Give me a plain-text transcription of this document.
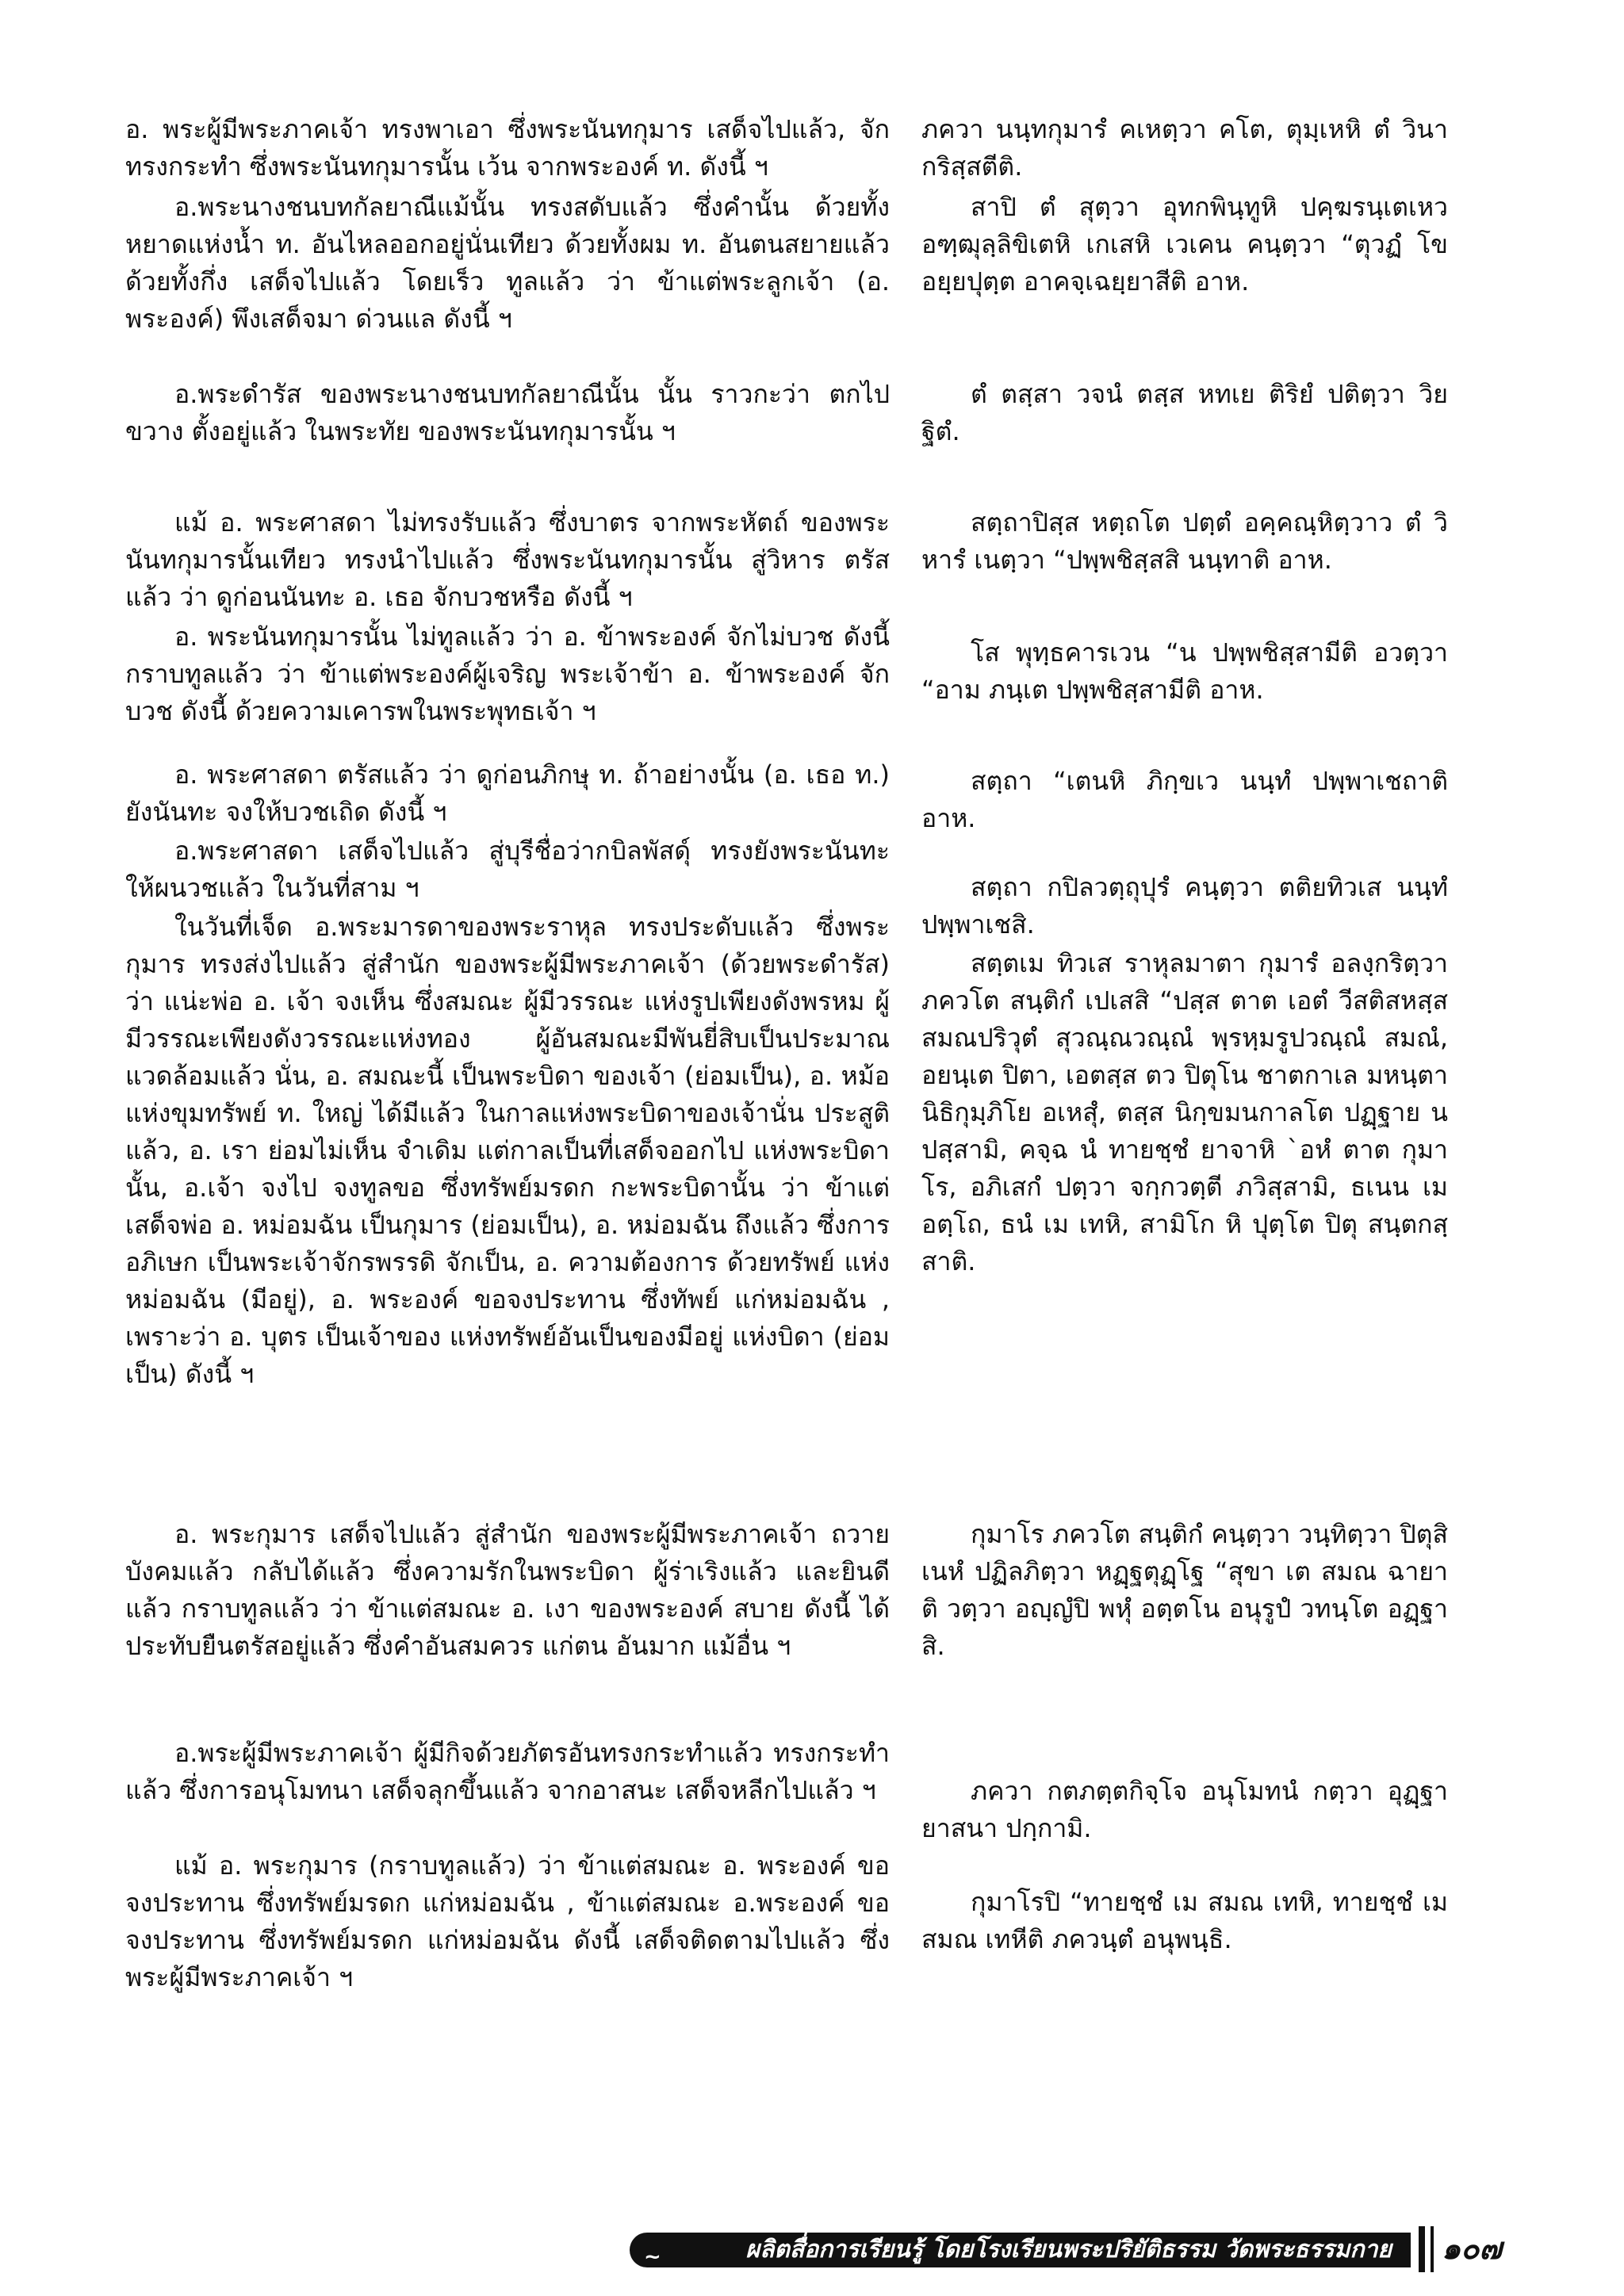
อ. พระผู้มีพระภาคเจ้า ทรงพาเอา ซึ่งพระนันทกุมาร เสด็จไปแล้ว, จักทรงกระทำ ซึ่งพระนันทกุมารนั้น เว้น จากพระองค์ ท. ดังนี้ ฯ

อ.พระนางชนบทกัลยาณีแม้นั้น ทรงสดับแล้ว ซึ่งคำนั้น ด้วยทั้งหยาดแห่งน้ำ ท. อันไหลออกอยู่นั่นเทียว ด้วยทั้งผม ท. อันตนสยายแล้วด้วยทั้งกึ่ง เสด็จไปแล้ว โดยเร็ว ทูลแล้ว ว่า ข้าแต่พระลูกเจ้า (อ. พระองค์) พึงเสด็จมา ด่วนแล ดังนี้ ฯ

อ.พระดำรัส ของพระนางชนบทกัลยาณีนั้น นั้น ราวกะว่า ตกไป ขวาง ตั้งอยู่แล้ว ในพระทัย ของพระนันทกุมารนั้น ฯ

แม้ อ. พระศาสดา ไม่ทรงรับแล้ว ซึ่งบาตร จากพระหัตถ์ ของพระนันทกุมารนั้นเทียว ทรงนำไปแล้ว ซึ่งพระนันทกุมารนั้น สู่วิหาร ตรัสแล้ว ว่า ดูก่อนนันทะ อ. เธอ จักบวชหรือ ดังนี้ ฯ

อ. พระนันทกุมารนั้น ไม่ทูลแล้ว ว่า อ. ข้าพระองค์ จักไม่บวช ดังนี้ กราบทูลแล้ว ว่า ข้าแต่พระองค์ผู้เจริญ พระเจ้าข้า อ. ข้าพระองค์ จักบวช ดังนี้ ด้วยความเคารพในพระพุทธเจ้า ฯ

อ. พระศาสดา ตรัสแล้ว ว่า ดูก่อนภิกษุ ท. ถ้าอย่างนั้น (อ. เธอ ท.) ยังนันทะ จงให้บวชเถิด ดังนี้ ฯ

อ.พระศาสดา เสด็จไปแล้ว สู่บุรีชื่อว่ากบิลพัสดุ์ ทรงยังพระนันทะ ให้ผนวชแล้ว ในวันที่สาม ฯ

ในวันที่เจ็ด อ.พระมารดาของพระราหุล ทรงประดับแล้ว ซึ่งพระกุมาร ทรงส่งไปแล้ว สู่สำนัก ของพระผู้มีพระภาคเจ้า (ด้วยพระดำรัส) ว่า แน่ะพ่อ อ. เจ้า จงเห็น ซึ่งสมณะ ผู้มีวรรณะ แห่งรูปเพียงดังพรหม ผู้มีวรรณะเพียงดังวรรณะแห่งทอง ผู้อันสมณะมีพันยี่สิบเป็นประมาณแวดล้อมแล้ว นั่น, อ. สมณะนี้ เป็นพระบิดา ของเจ้า (ย่อมเป็น), อ. หม้อแห่งขุมทรัพย์ ท. ใหญ่ ได้มีแล้ว ในกาลแห่งพระบิดาของเจ้านั่น ประสูติแล้ว, อ. เรา ย่อมไม่เห็น จำเดิม แต่กาลเป็นที่เสด็จออกไป แห่งพระบิดานั้น, อ.เจ้า จงไป จงทูลขอ ซึ่งทรัพย์มรดก กะพระบิดานั้น ว่า ข้าแต่เสด็จพ่อ อ. หม่อมฉัน เป็นกุมาร (ย่อมเป็น), อ. หม่อมฉัน ถึงแล้ว ซึ่งการอภิเษก เป็นพระเจ้าจักรพรรดิ จักเป็น, อ. ความต้องการ ด้วยทรัพย์ แห่งหม่อมฉัน (มีอยู่), อ. พระองค์ ขอจงประทาน ซึ่งทัพย์ แก่หม่อมฉัน , เพราะว่า อ. บุตร เป็นเจ้าของ แห่งทรัพย์อันเป็นของมีอยู่ แห่งบิดา (ย่อมเป็น) ดังนี้ ฯ

อ. พระกุมาร เสด็จไปแล้ว สู่สำนัก ของพระผู้มีพระภาคเจ้า ถวายบังคมแล้ว กลับได้แล้ว ซึ่งความรักในพระบิดา ผู้ร่าเริงแล้ว และยินดีแล้ว กราบทูลแล้ว ว่า ข้าแต่สมณะ อ. เงา ของพระองค์ สบาย ดังนี้ ได้ประทับยืนตรัสอยู่แล้ว ซึ่งคำอันสมควร แก่ตน อันมาก แม้อื่น ฯ

อ.พระผู้มีพระภาคเจ้า ผู้มีกิจด้วยภัตรอันทรงกระทำแล้ว ทรงกระทำแล้ว ซึ่งการอนุโมทนา เสด็จลุกขึ้นแล้ว จากอาสนะ เสด็จหลีกไปแล้ว ฯ

แม้ อ. พระกุมาร (กราบทูลแล้ว) ว่า ข้าแต่สมณะ อ. พระองค์ ขอจงประทาน ซึ่งทรัพย์มรดก แก่หม่อมฉัน , ข้าแต่สมณะ อ.พระองค์ ขอจงประทาน ซึ่งทรัพย์มรดก แก่หม่อมฉัน ดังนี้ เสด็จติดตามไปแล้ว ซึ่งพระผู้มีพระภาคเจ้า ฯ

ภควา นนฺทกุมารํ คเหตฺวา คโต, ตุมฺเหหิ ตํ วินา กริสฺสตีติ.

สาปิ ตํ สุตฺวา อุทกพินฺทูหิ ปคฺฆรนฺเตเหว อฑฺฒุลฺลิขิเตหิ เกเสหิ เวเคน คนฺตฺวา “ตุวฏํ โข อยฺยปุตฺต อาคจฺเฉยฺยาสีติ อาห.

ตํ ตสฺสา วจนํ ตสฺส หทเย ติริยํ ปติตฺวา วิย ฐิตํ.

สตฺถาปิสฺส หตฺถโต ปตฺตํ อคฺคณฺหิตฺวาว ตํ วิหารํ เนตฺวา “ปพฺพชิสฺสสิ นนฺทาติ อาห.

โส พุทฺธคารเวน “น ปพฺพชิสฺสามีติ อวตฺวา “อาม ภนฺเต ปพฺพชิสฺสามีติ อาห.

สตฺถา “เตนหิ ภิกฺขเว นนฺทํ ปพฺพาเชถาติ อาห.

สตฺถา กปิลวตฺถุปุรํ คนฺตฺวา ตติยทิวเส นนฺทํ ปพฺพาเชสิ.

สตฺตเม ทิวเส ราหุลมาตา กุมารํ อลงฺกริตฺวา ภควโต สนฺติกํ เปเสสิ “ปสฺส ตาต เอตํ วีสติสหสฺสสมณปริวุตํ สุวณฺณวณฺณํ พฺรหฺมรูปวณฺณํ สมณํ, อยนฺเต ปิตา, เอตสฺส ตว ปิตุโน ชาตกาเล มหนฺตา นิธิกุมฺภิโย อเหสุํ, ตสฺส นิกฺขมนกาลโต ปฏฺฐาย น ปสฺสามิ, คจฺฉ นํ ทายชฺชํ ยาจาหิ `อหํ ตาต กุมาโร, อภิเสกํ ปตฺวา จกฺกวตฺตี ภวิสฺสามิ, ธเนน เม อตฺโถ, ธนํ เม เทหิ, สามิโก หิ ปุตฺโต ปิตุ สนฺตกสฺสาติ.

กุมาโร ภควโต สนฺติกํ คนฺตฺวา วนฺทิตฺวา ปิตุสิเนหํ ปฏิลภิตฺวา หฏฺฐตุฏฺโฐ “สุขา เต สมณ ฉายาติ วตฺวา อญฺญํปิ พหุํ อตฺตโน อนุรูปํ วทนฺโต อฏฺฐาสิ.

ภควา กตภตฺตกิจฺโจ อนุโมทนํ กตฺวา อุฏฺฐายาสนา ปกฺกามิ.

กุมาโรปิ “ทายชฺชํ เม สมณ เทหิ, ทายชฺชํ เม สมณ เทหีติ ภควนฺตํ อนุพนฺธิ.

~	ผลิตสื่อการเรียนรู้ โดยโรงเรียนพระปริยัติธรรม วัดพระธรรมกาย	๑๐๗
